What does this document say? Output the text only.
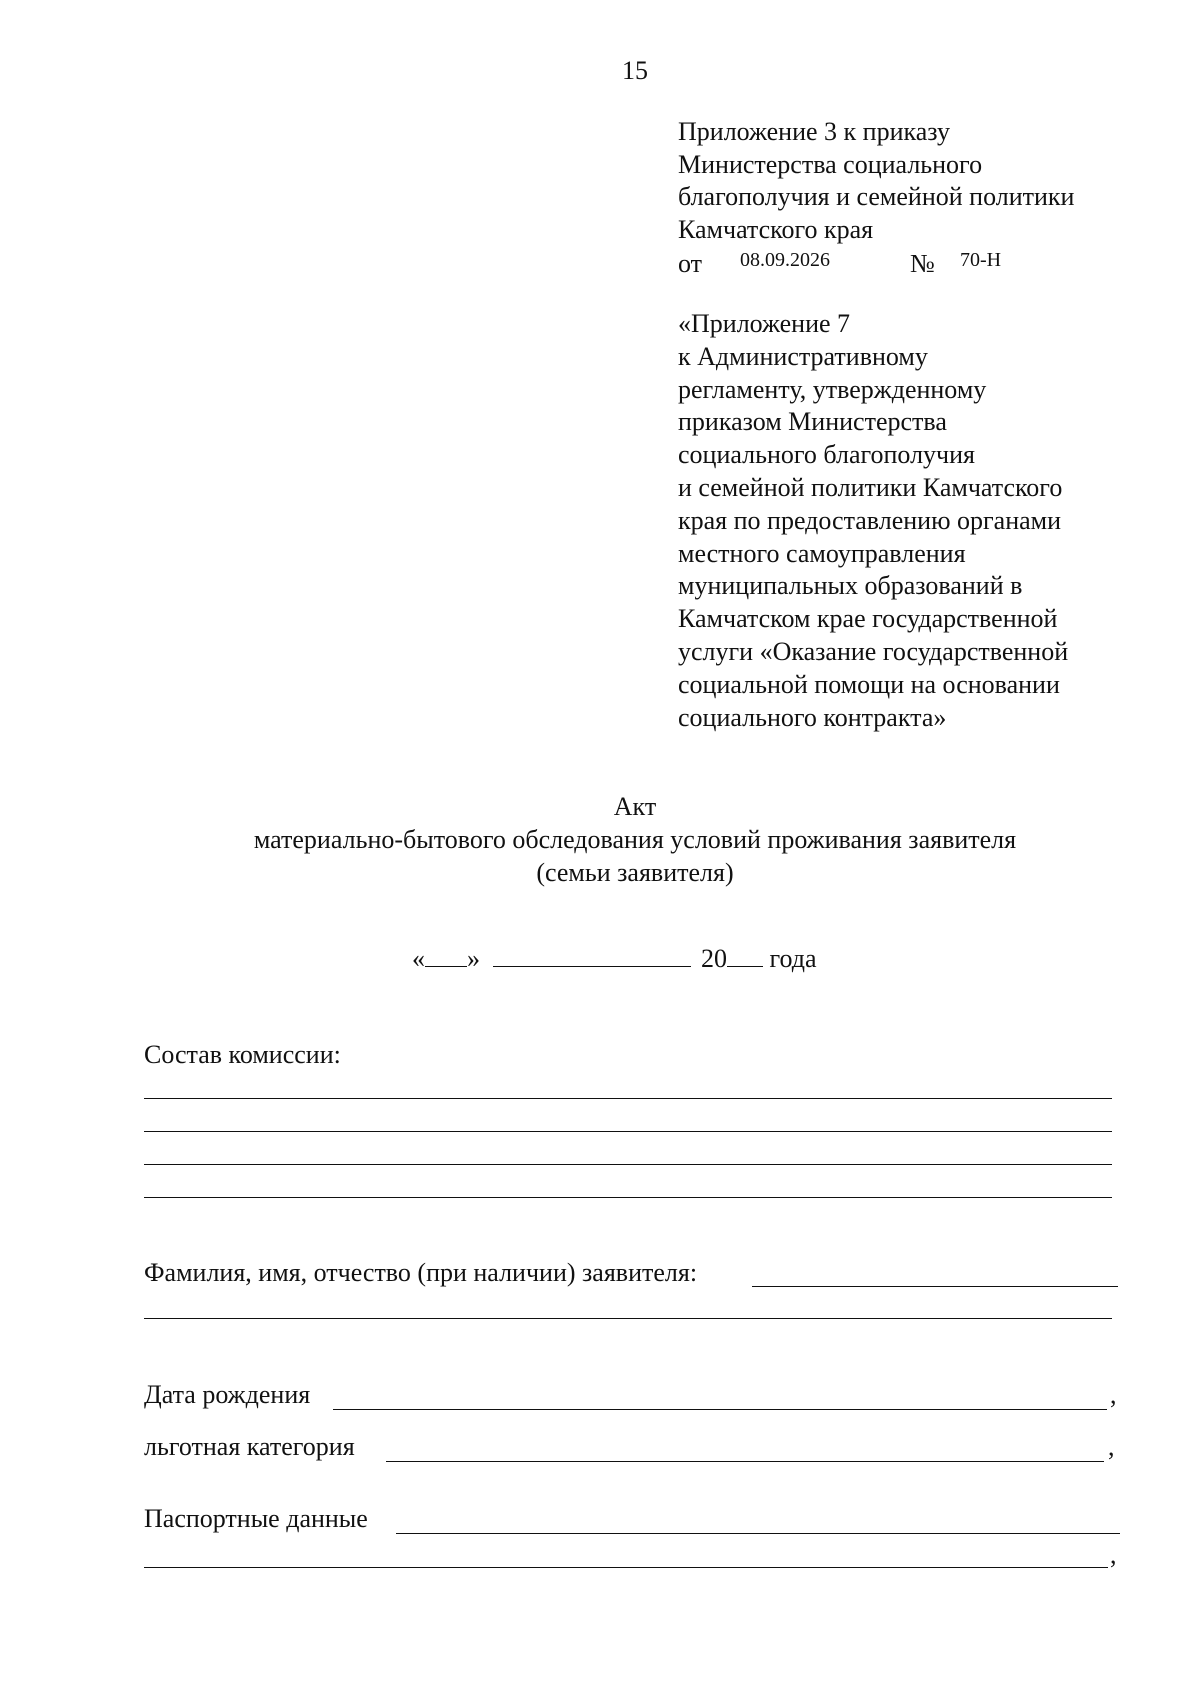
15
Приложение 3 к приказу
Министерства социального
благополучия и семейной политики
Камчатского края
от 08.09.2026	№ 70-Н
«Приложение 7
к Административному
регламенту, утвержденному
приказом Министерства
социального благополучия
и семейной политики Камчатского
края по предоставлению органами
местного самоуправления
муниципальных образований в
Камчатском крае государственной
услуги «Оказание государственной
социальной помощи на основании
социального контракта»
Акт
материально-бытового обследования условий проживания заявителя
(семьи заявителя)
« »	20 года
Состав комиссии:
Фамилия, имя, отчество (при наличии) заявителя:
Дата рождения	,
льготная категория	,
Паспортные данные
,
